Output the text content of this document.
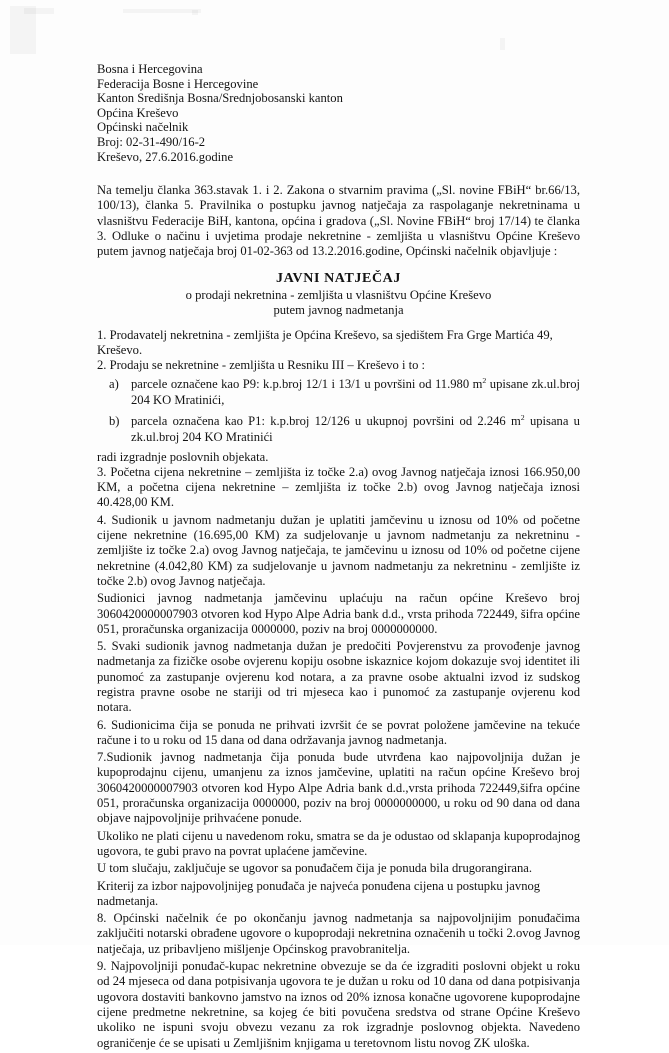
Bosna i Hercegovina
Federacija Bosne i Hercegovine
Kanton Središnja Bosna/Srednjobosanski kanton
Općina Kreševo
Općinski načelnik
Broj: 02-31-490/16-2
Kreševo, 27.6.2016.godine

Na temelju članka 363.stavak 1. i 2. Zakona o stvarnim pravima („Sl. novine FBiH“ br.66/13, 100/13), članka 5. Pravilnika o postupku javnog natječaja za raspolaganje nekretninama u vlasništvu Federacije BiH, kantona, općina i gradova („Sl. Novine FBiH“ broj 17/14) te članka 3. Odluke o načinu i uvjetima prodaje nekretnine - zemljišta u vlasništvu Općine Kreševo putem javnog natječaja broj 01-02-363 od 13.2.2016.godine, Općinski načelnik objavljuje :

JAVNI NATJEČAJ
o prodaji nekretnina - zemljišta u vlasništvu Općine Kreševo
putem javnog nadmetanja

1. Prodavatelj nekretnina - zemljišta je Općina Kreševo, sa sjedištem Fra Grge Martića 49, Kreševo.

2. Prodaju se nekretnine - zemljišta u Resniku III – Kreševo i to :

a) parcele označene kao P9: k.p.broj 12/1 i 13/1 u površini od 11.980 $m^2$ upisane zk.ul.broj 204 KO Mratinići,
b) parcela označena kao P1: k.p.broj 12/126 u ukupnoj površini od 2.246 $m^2$ upisana u zk.ul.broj 204 KO Mratinići

radi izgradnje poslovnih objekata.

3. Početna cijena nekretnine – zemljišta iz točke 2.a) ovog Javnog natječaja iznosi 166.950,00 KM, a početna cijena nekretnine – zemljišta iz točke 2.b) ovog Javnog natječaja iznosi 40.428,00 KM.

4. Sudionik u javnom nadmetanju dužan je uplatiti jamčevinu u iznosu od 10% od početne cijene nekretnine (16.695,00 KM) za sudjelovanje u javnom nadmetanju za nekretninu - zemljište iz točke 2.a) ovog Javnog natječaja, te jamčevinu u iznosu od 10% od početne cijene nekretnine (4.042,80 KM) za sudjelovanje u javnom nadmetanju za nekretninu - zemljište iz točke 2.b) ovog Javnog natječaja.

Sudionici javnog nadmetanja jamčevinu uplaćuju na račun općine Kreševo broj 3060420000007903 otvoren kod Hypo Alpe Adria bank d.d., vrsta prihoda 722449, šifra općine 051, proračunska organizacija 0000000, poziv na broj 0000000000.

5. Svaki sudionik javnog nadmetanja dužan je predočiti Povjerenstvu za provođenje javnog nadmetanja za fizičke osobe ovjerenu kopiju osobne iskaznice kojom dokazuje svoj identitet ili punomoć za zastupanje ovjerenu kod notara, a za pravne osobe aktualni izvod iz sudskog registra pravne osobe ne stariji od tri mjeseca kao i punomoć za zastupanje ovjerenu kod notara.

6. Sudionicima čija se ponuda ne prihvati izvršit će se povrat položene jamčevine na tekuće račune i to u roku od 15 dana od dana održavanja javnog nadmetanja.

7.Sudionik javnog nadmetanja čija ponuda bude utvrđena kao najpovoljnija dužan je kupoprodajnu cijenu, umanjenu za iznos jamčevine, uplatiti na račun općine Kreševo broj 3060420000007903 otvoren kod Hypo Alpe Adria bank d.d.,vrsta prihoda 722449,šifra općine 051, proračunska organizacija 0000000, poziv na broj 0000000000, u roku od 90 dana od dana objave najpovoljnije prihvaćene ponude.

Ukoliko ne plati cijenu u navedenom roku, smatra se da je odustao od sklapanja kupoprodajnog ugovora, te gubi pravo na povrat uplaćene jamčevine.

U tom slučaju, zaključuje se ugovor sa ponuđačem čija je ponuda bila drugorangirana.

Kriterij za izbor najpovoljnijeg ponuđača je najveća ponuđena cijena u postupku javnog nadmetanja.

8. Općinski načelnik će po okončanju javnog nadmetanja sa najpovoljnijim ponuđačima zaključiti notarski obrađene ugovore o kupoprodaji nekretnina označenih u točki 2.ovog Javnog natječaja, uz pribavljeno mišljenje Općinskog pravobranitelja.

9. Najpovoljniji ponuđač-kupac nekretnine obvezuje se da će izgraditi poslovni objekt u roku od 24 mjeseca od dana potpisivanja ugovora te je dužan u roku od 10 dana od dana potpisivanja ugovora dostaviti bankovno jamstvo na iznos od 20% iznosa konačne ugovorene kupoprodajne cijene predmetne nekretnine, sa kojeg će biti povučena sredstva od strane Općine Kreševo ukoliko ne ispuni svoju obvezu vezanu za rok izgradnje poslovnog objekta. Navedeno ograničenje će se upisati u Zemljišnim knjigama u teretovnom listu novog ZK uloška.
